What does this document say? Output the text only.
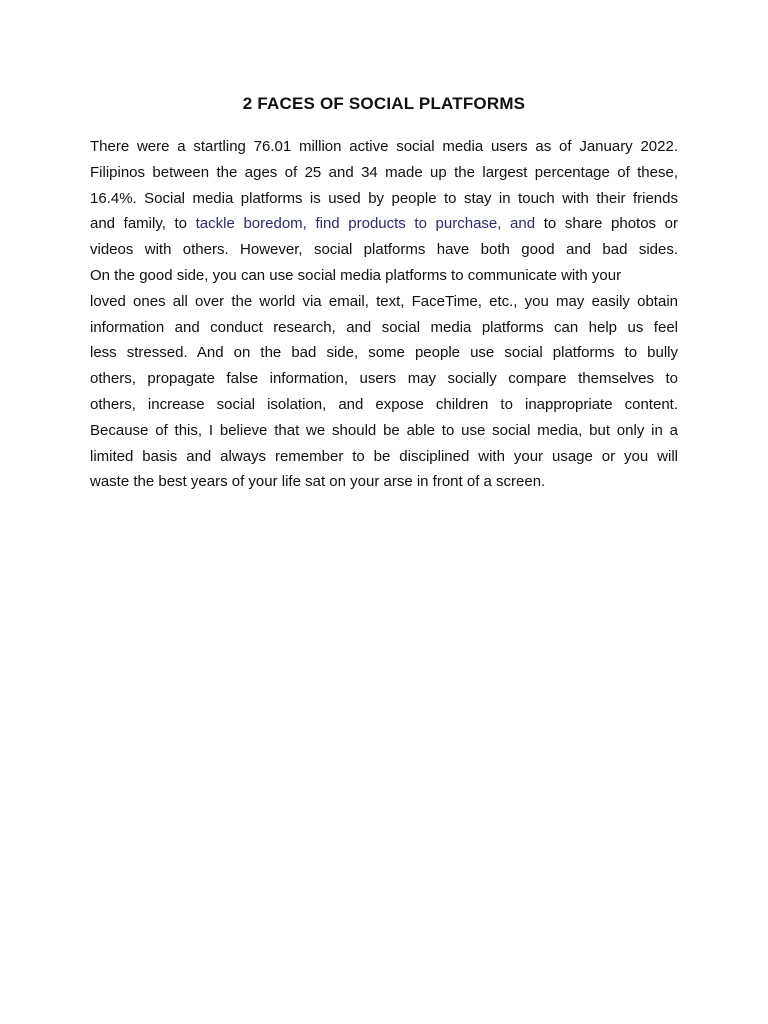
2 FACES OF SOCIAL PLATFORMS
There were a startling 76.01 million active social media users as of January 2022.
Filipinos between the ages of 25 and 34 made up the largest percentage of these,
16.4%. Social media platforms is used by people to stay in touch with their friends
and family, to tackle boredom, find products to purchase, and to share photos or
videos with others. However, social platforms have both good and bad sides.
On the good side, you can use social media platforms to communicate with your
loved ones all over the world via email, text, FaceTime, etc., you may easily obtain
information and conduct research, and social media platforms can help us feel
less stressed. And on the bad side, some people use social platforms to bully
others, propagate false information, users may socially compare themselves to
others, increase social isolation, and expose children to inappropriate content.
Because of this, I believe that we should be able to use social media, but only in a
limited basis and always remember to be disciplined with your usage or you will
waste the best years of your life sat on your arse in front of a screen.
